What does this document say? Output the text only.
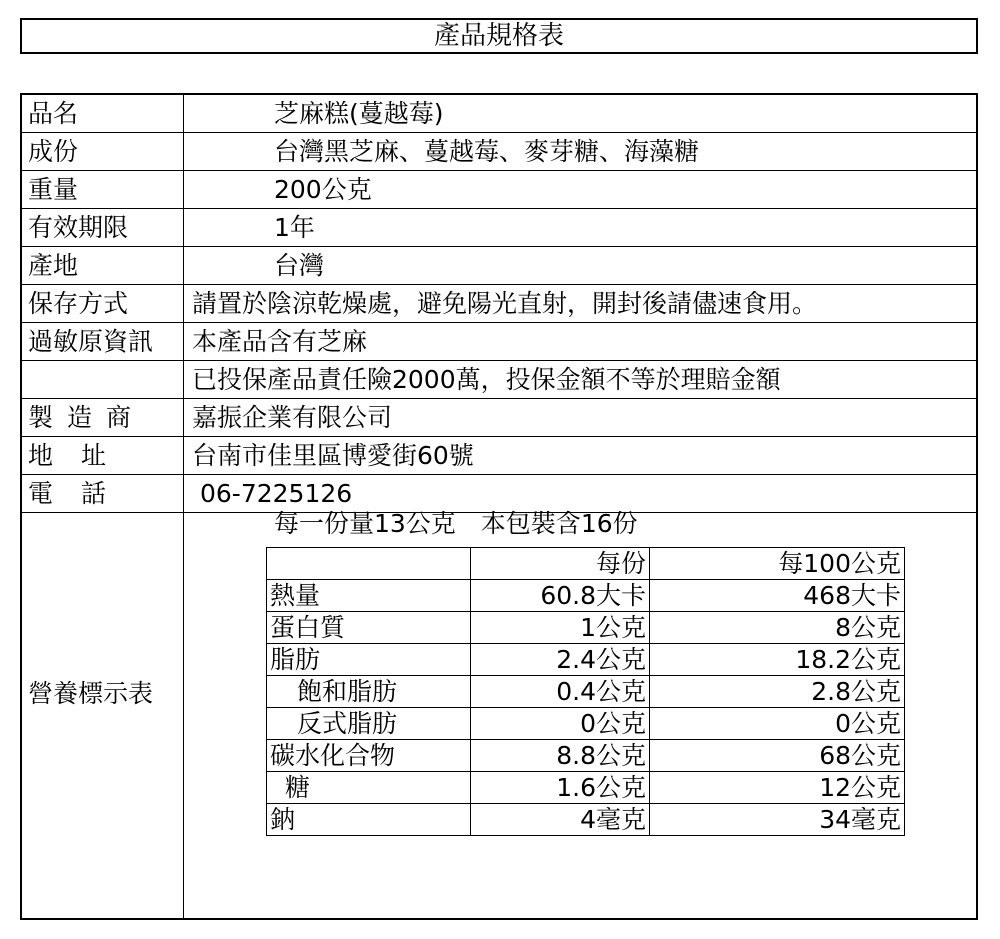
產品規格表
品名	芝麻糕(蔓越莓)
成份	台灣黑芝麻、蔓越莓、麥芽糖、海藻糖
重量	200公克
有效期限	1年
產地	台灣
保存方式	請置於陰涼乾燥處，避免陽光直射，開封後請儘速食用。
過敏原資訊 本產品含有芝麻
已投保產品責任險2000萬，投保金額不等於理賠金額
製造商 嘉振企業有限公司
地址 台南市佳里區博愛街60號
電話	06-7225126
營養標示表
每一份量13公克　本包裝含16份
	每份	每100公克
熱量	60.8大卡	468大卡
蛋白質	1公克	8公克
脂肪	2.4公克	18.2公克
飽和脂肪	0.4公克	2.8公克
反式脂肪	0公克	0公克
碳水化合物	8.8公克	68公克
糖	1.6公克	12公克
鈉	4毫克	34毫克
